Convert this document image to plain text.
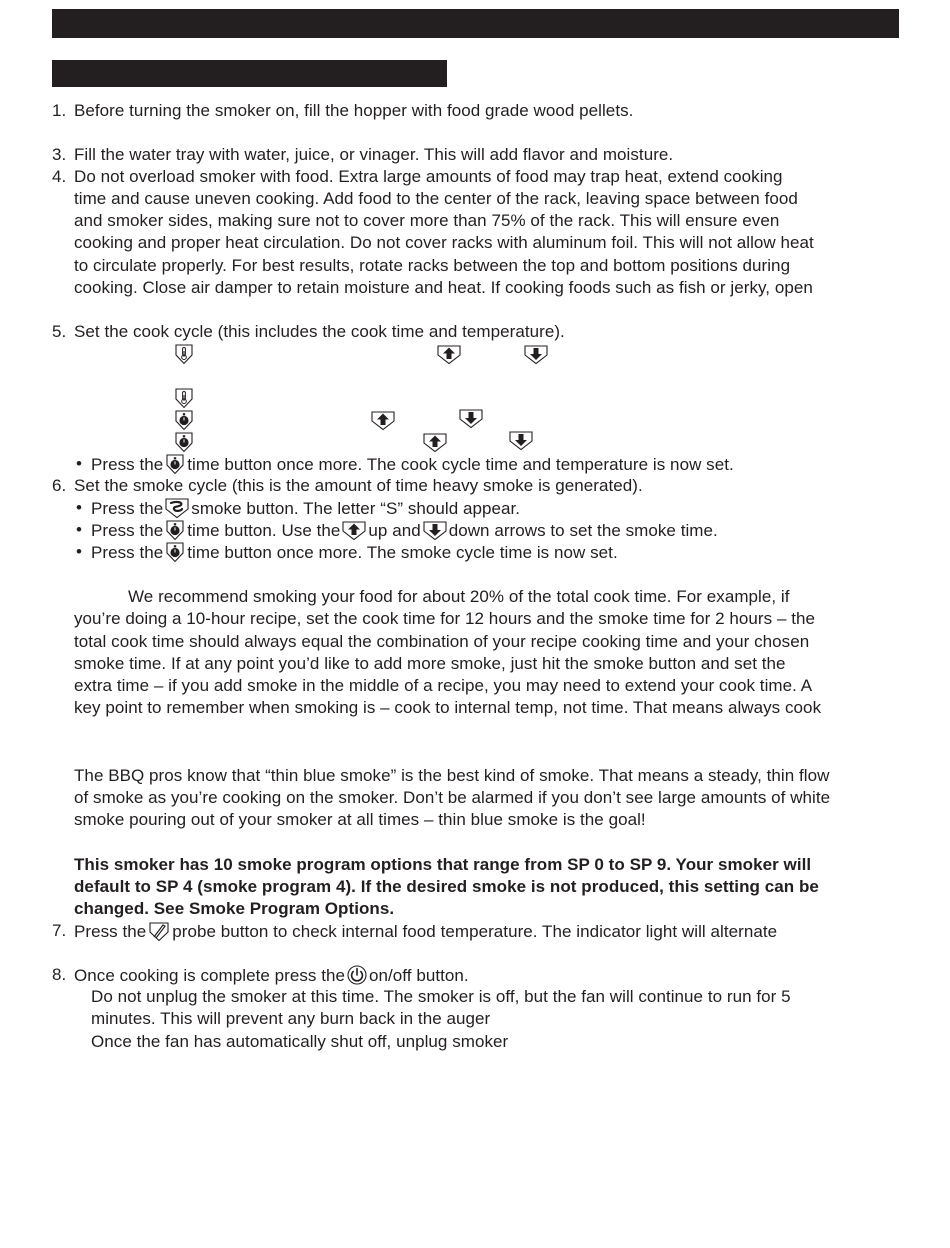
1. Before turning the smoker on, fill the hopper with food grade wood pellets.
3. Fill the water tray with water, juice, or vinager. This will add flavor and moisture.
4. Do not overload smoker with food. Extra large amounts of food may trap heat, extend cooking
time and cause uneven cooking. Add food to the center of the rack, leaving space between food
and smoker sides, making sure not to cover more than 75% of the rack. This will ensure even
cooking and proper heat circulation. Do not cover racks with aluminum foil. This will not allow heat
to circulate properly. For best results, rotate racks between the top and bottom positions during
cooking. Close air damper to retain moisture and heat. If cooking foods such as fish or jerky, open
5. Set the cook cycle (this includes the cook time and temperature).
• Press the time button once more. The cook cycle time and temperature is now set.
6. Set the smoke cycle (this is the amount of time heavy smoke is generated).
• Press the smoke button. The letter “S” should appear.
• Press the time button. Use the up and down arrows to set the smoke time.
• Press the time button once more. The smoke cycle time is now set.
We recommend smoking your food for about 20% of the total cook time. For example, if
you’re doing a 10-hour recipe, set the cook time for 12 hours and the smoke time for 2 hours – the
total cook time should always equal the combination of your recipe cooking time and your chosen
smoke time. If at any point you’d like to add more smoke, just hit the smoke button and set the
extra time – if you add smoke in the middle of a recipe, you may need to extend your cook time. A
key point to remember when smoking is – cook to internal temp, not time. That means always cook
The BBQ pros know that “thin blue smoke” is the best kind of smoke. That means a steady, thin flow
of smoke as you’re cooking on the smoker. Don’t be alarmed if you don’t see large amounts of white
smoke pouring out of your smoker at all times – thin blue smoke is the goal!
This smoker has 10 smoke program options that range from SP 0 to SP 9. Your smoker will
default to SP 4 (smoke program 4). If the desired smoke is not produced, this setting can be
changed. See Smoke Program Options.
7. Press the probe button to check internal food temperature. The indicator light will alternate
8. Once cooking is complete press the on/off button.
Do not unplug the smoker at this time. The smoker is off, but the fan will continue to run for 5
minutes. This will prevent any burn back in the auger
Once the fan has automatically shut off, unplug smoker
